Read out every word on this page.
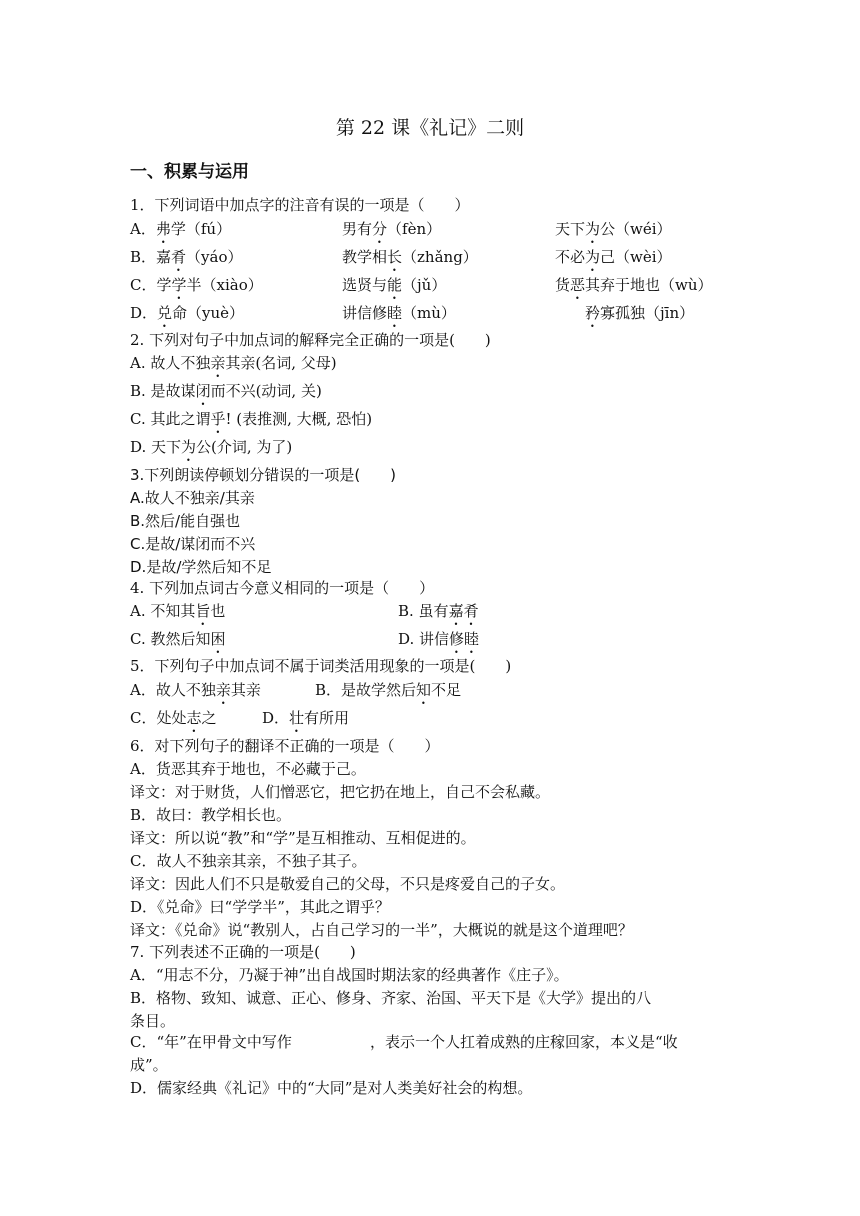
第 22 课《礼记》二则
一、积累与运用
1．下列词语中加点字的注音有误的一项是（　　）
A．弗学（fú）	男有分（fèn）	天下为公（wéi）
B．嘉肴（yáo）	教学相长（zhǎng）	不必为己（wèi）
C．学学半（xiào）	选贤与能（jǔ）	货恶其弃于地也（wù）
D．兑命（yuè）	讲信修睦（mù）	矜寡孤独（jīn）
2. 下列对句子中加点词的解释完全正确的一项是(　　)
A. 故人不独亲其亲(名词, 父母)
B. 是故谋闭而不兴(动词, 关)
C. 其此之谓乎! (表推测, 大概, 恐怕)
D. 天下为公(介词, 为了)
3.下列朗读停顿划分错误的一项是(　　)
A.故人不独亲/其亲
B.然后/能自强也
C.是故/谋闭而不兴
D.是故/学然后知不足
4. 下列加点词古今意义相同的一项是（　　）
A. 不知其旨也	B. 虽有嘉肴
C. 教然后知困	D. 讲信修睦
5．下列句子中加点词不属于词类活用现象的一项是(　　)
A．故人不独亲其亲	B．是故学然后知不足
C．处处志之	D．壮有所用
6．对下列句子的翻译不正确的一项是（　　）
A．货恶其弃于地也，不必藏于己。
译文：对于财货，人们憎恶它，把它扔在地上，自己不会私藏。
B．故曰：教学相长也。
译文：所以说“教”和“学”是互相推动、互相促进的。
C．故人不独亲其亲，不独子其子。
译文：因此人们不只是敬爱自己的父母，不只是疼爱自己的子女。
D．《兑命》曰“学学半”，其此之谓乎？
译文：《兑命》说“教别人，占自己学习的一半”，大概说的就是这个道理吧？
7. 下列表述不正确的一项是(　　)
A．“用志不分，乃凝于神”出自战国时期法家的经典著作《庄子》。
B．格物、致知、诚意、正心、修身、齐家、治国、平天下是《大学》提出的八
条目。
C．“年”在甲骨文中写作	，表示一个人扛着成熟的庄稼回家，本义是“收
成”。
D．儒家经典《礼记》中的“大同”是对人类美好社会的构想。
